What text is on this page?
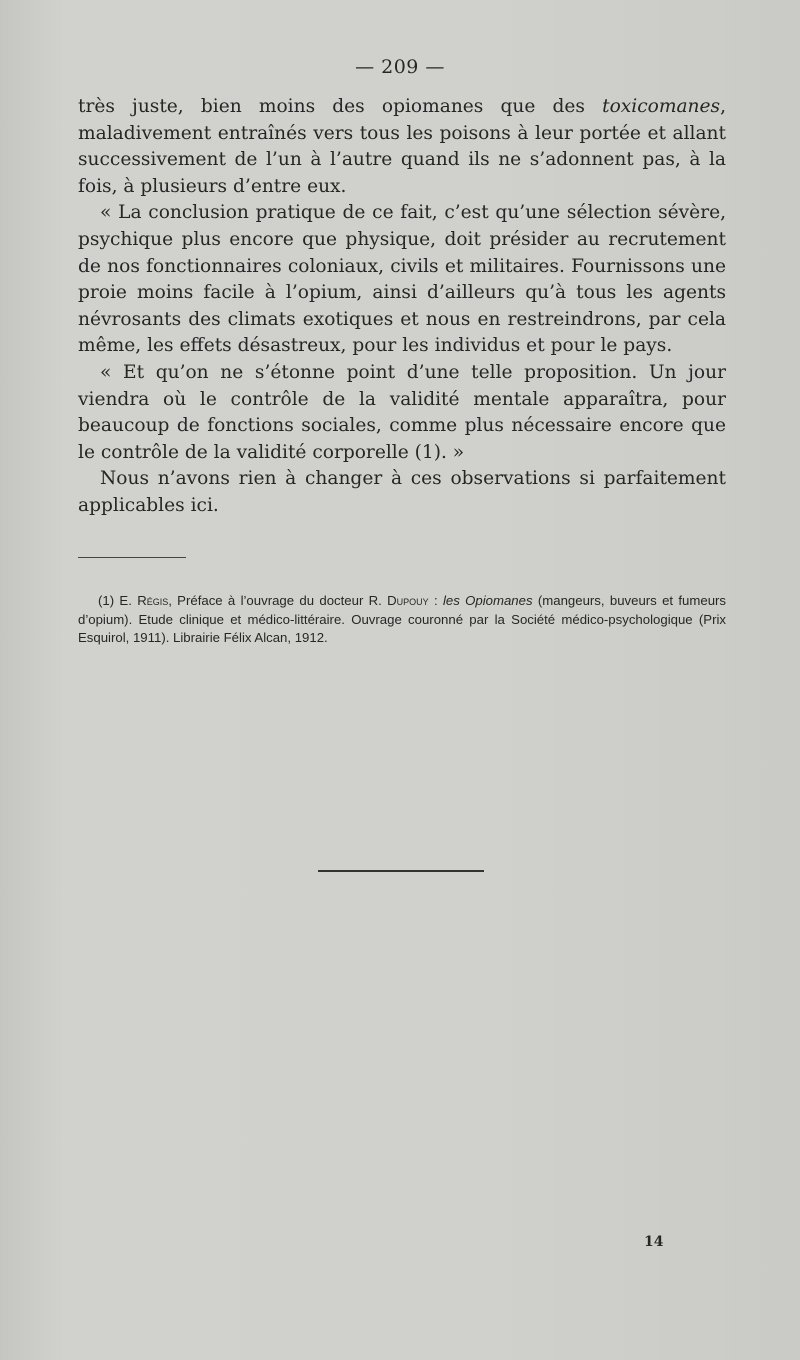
— 209 —

très juste, bien moins des opiomanes que des toxicomanes, maladivement entraînés vers tous les poisons à leur portée et allant successivement de l’un à l’autre quand ils ne s’adonnent pas, à la fois, à plusieurs d’entre eux.

« La conclusion pratique de ce fait, c’est qu’une sélection sévère, psychique plus encore que physique, doit présider au recrutement de nos fonctionnaires coloniaux, civils et militaires. Fournissons une proie moins facile à l’opium, ainsi d’ailleurs qu’à tous les agents névrosants des climats exotiques et nous en restreindrons, par cela même, les effets désastreux, pour les individus et pour le pays.

« Et qu’on ne s’étonne point d’une telle proposition. Un jour viendra où le contrôle de la validité mentale apparaîtra, pour beaucoup de fonctions sociales, comme plus nécessaire encore que le contrôle de la validité corporelle (1). »

Nous n’avons rien à changer à ces observations si parfaitement applicables ici.

(1) E. Régis, Préface à l’ouvrage du docteur R. Dupouy : les Opiomanes (mangeurs, buveurs et fumeurs d’opium). Etude clinique et médico-littéraire. Ouvrage couronné par la Société médico-psychologique (Prix Esquirol, 1911). Librairie Félix Alcan, 1912.
14
